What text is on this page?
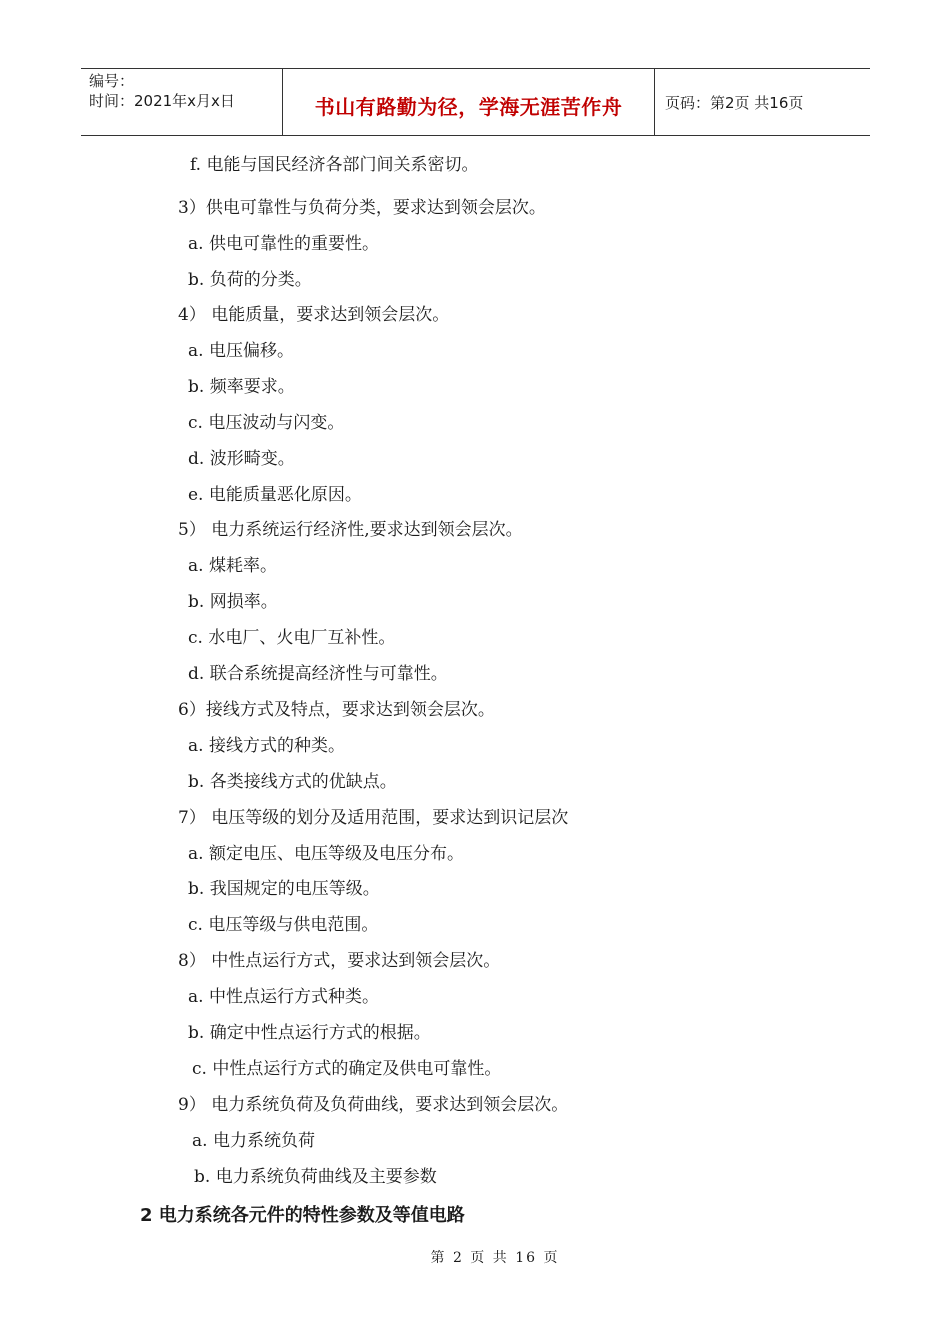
编号：
时间：2021年x月x日	书山有路勤为径，学海无涯苦作舟	页码：第2页 共16页
f. 电能与国民经济各部门间关系密切。
3）供电可靠性与负荷分类，要求达到领会层次。
a. 供电可靠性的重要性。
b. 负荷的分类。
4） 电能质量，要求达到领会层次。
a. 电压偏移。
b. 频率要求。
c. 电压波动与闪变。
d. 波形畸变。
e. 电能质量恶化原因。
5） 电力系统运行经济性,要求达到领会层次。
a. 煤耗率。
b. 网损率。
c. 水电厂、火电厂互补性。
d. 联合系统提高经济性与可靠性。
6）接线方式及特点，要求达到领会层次。
a. 接线方式的种类。
b. 各类接线方式的优缺点。
7） 电压等级的划分及适用范围，要求达到识记层次
a. 额定电压、电压等级及电压分布。
b. 我国规定的电压等级。
c. 电压等级与供电范围。
8） 中性点运行方式，要求达到领会层次。
a. 中性点运行方式种类。
b. 确定中性点运行方式的根据。
c. 中性点运行方式的确定及供电可靠性。
9） 电力系统负荷及负荷曲线，要求达到领会层次。
a. 电力系统负荷
b. 电力系统负荷曲线及主要参数
2 电力系统各元件的特性参数及等值电路
第 2 页 共 16 页
